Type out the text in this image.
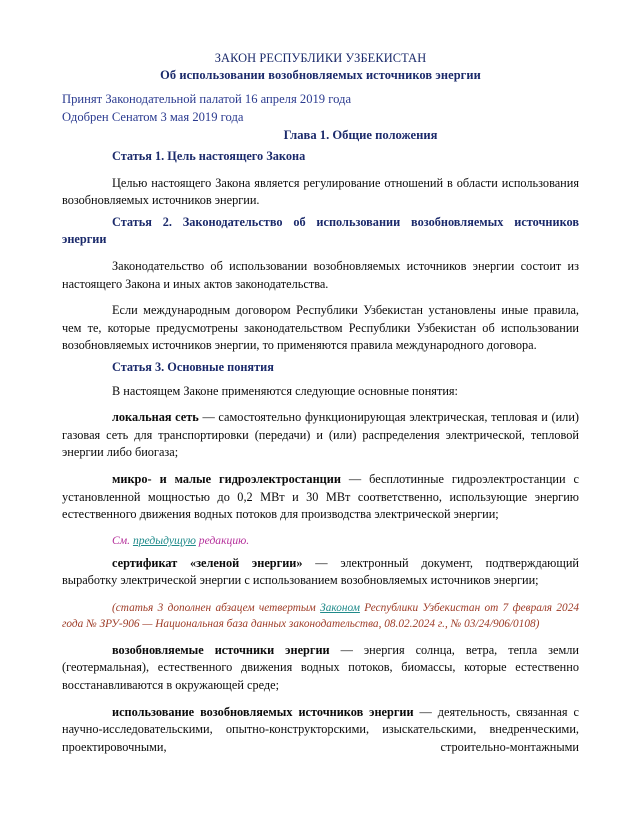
ЗАКОН РЕСПУБЛИКИ УЗБЕКИСТАН
Об использовании возобновляемых источников энергии
Принят Законодательной палатой 16 апреля 2019 года
Одобрен Сенатом 3 мая 2019 года
Глава 1. Общие положения
Статья 1. Цель настоящего Закона
Целью настоящего Закона является регулирование отношений в области использования возобновляемых источников энергии.
Статья 2. Законодательство об использовании возобновляемых источников энергии
Законодательство об использовании возобновляемых источников энергии состоит из настоящего Закона и иных актов законодательства.
Если международным договором Республики Узбекистан установлены иные правила, чем те, которые предусмотрены законодательством Республики Узбекистан об использовании возобновляемых источников энергии, то применяются правила международного договора.
Статья 3. Основные понятия
В настоящем Законе применяются следующие основные понятия:
локальная сеть — самостоятельно функционирующая электрическая, тепловая и (или) газовая сеть для транспортировки (передачи) и (или) распределения электрической, тепловой энергии либо биогаза;
микро- и малые гидроэлектростанции — бесплотинные гидроэлектростанции с установленной мощностью до 0,2 МВт и 30 МВт соответственно, использующие энергию естественного движения водных потоков для производства электрической энергии;
См. предыдущую редакцию.
сертификат «зеленой энергии» — электронный документ, подтверждающий выработку электрической энергии с использованием возобновляемых источников энергии;
(статья 3 дополнен абзацем четвертым Законом Республики Узбекистан от 7 февраля 2024 года № ЗРУ-906 — Национальная база данных законодательства, 08.02.2024 г., № 03/24/906/0108)
возобновляемые источники энергии — энергия солнца, ветра, тепла земли (геотермальная), естественного движения водных потоков, биомассы, которые естественно восстанавливаются в окружающей среде;
использование возобновляемых источников энергии — деятельность, связанная с научно-исследовательскими, опытно-конструкторскими, изыскательскими, внедренческими, проектировочными, строительно-монтажными
